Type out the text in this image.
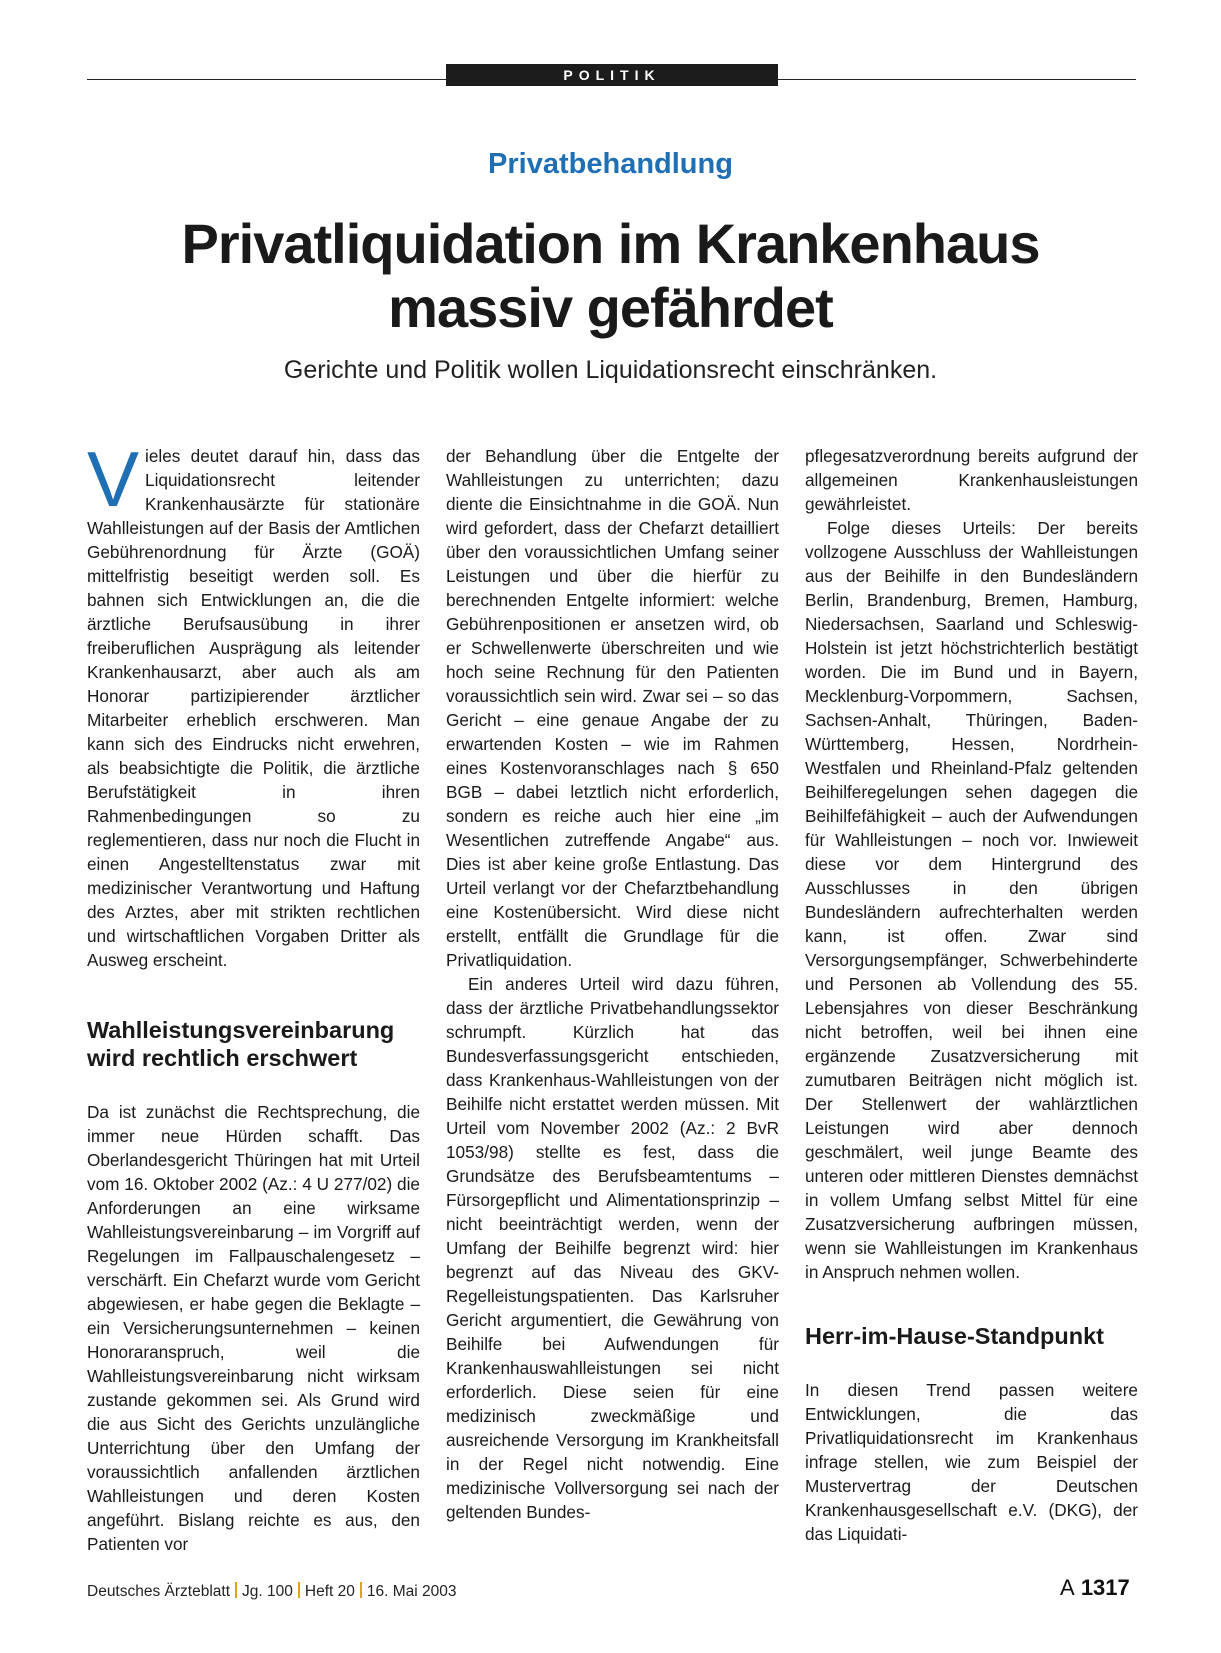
POLITIK
Privatbehandlung
Privatliquidation im Krankenhaus
massiv gefährdet
Gerichte und Politik wollen Liquidationsrecht einschränken.

Vieles deutet darauf hin, dass das Liquidationsrecht leitender Krankenhausärzte für stationäre Wahlleistungen auf der Basis der Amtlichen Gebührenordnung für Ärzte (GOÄ) mittelfristig beseitigt werden soll. Es bahnen sich Entwicklungen an, die die ärztliche Berufsausübung in ihrer freiberuflichen Ausprägung als leitender Krankenhausarzt, aber auch als am Honorar partizipierender ärztlicher Mitarbeiter erheblich erschweren. Man kann sich des Eindrucks nicht erwehren, als beabsichtigte die Politik, die ärztliche Berufstätigkeit in ihren Rahmenbedingungen so zu reglementieren, dass nur noch die Flucht in einen Angestelltenstatus zwar mit medizinischer Verantwortung und Haftung des Arztes, aber mit strikten rechtlichen und wirtschaftlichen Vorgaben Dritter als Ausweg erscheint.

Wahlleistungsvereinbarung wird rechtlich erschwert

Da ist zunächst die Rechtsprechung, die immer neue Hürden schafft. Das Oberlandesgericht Thüringen hat mit Urteil vom 16. Oktober 2002 (Az.: 4 U 277/02) die Anforderungen an eine wirksame Wahlleistungsvereinbarung – im Vorgriff auf Regelungen im Fallpauschalengesetz – verschärft. Ein Chefarzt wurde vom Gericht abgewiesen, er habe gegen die Beklagte – ein Versicherungsunternehmen – keinen Honoraranspruch, weil die Wahlleistungsvereinbarung nicht wirksam zustande gekommen sei. Als Grund wird die aus Sicht des Gerichts unzulängliche Unterrichtung über den Umfang der voraussichtlich anfallenden ärztlichen Wahlleistungen und deren Kosten angeführt. Bislang reichte es aus, den Patienten vor

der Behandlung über die Entgelte der Wahlleistungen zu unterrichten; dazu diente die Einsichtnahme in die GOÄ. Nun wird gefordert, dass der Chefarzt detailliert über den voraussichtlichen Umfang seiner Leistungen und über die hierfür zu berechnenden Entgelte informiert: welche Gebührenpositionen er ansetzen wird, ob er Schwellenwerte überschreiten und wie hoch seine Rechnung für den Patienten voraussichtlich sein wird. Zwar sei – so das Gericht – eine genaue Angabe der zu erwartenden Kosten – wie im Rahmen eines Kostenvoranschlages nach § 650 BGB – dabei letztlich nicht erforderlich, sondern es reiche auch hier eine „im Wesentlichen zutreffende Angabe“ aus. Dies ist aber keine große Entlastung. Das Urteil verlangt vor der Chefarztbehandlung eine Kostenübersicht. Wird diese nicht erstellt, entfällt die Grundlage für die Privatliquidation.

Ein anderes Urteil wird dazu führen, dass der ärztliche Privatbehandlungssektor schrumpft. Kürzlich hat das Bundesverfassungsgericht entschieden, dass Krankenhaus-Wahlleistungen von der Beihilfe nicht erstattet werden müssen. Mit Urteil vom November 2002 (Az.: 2 BvR 1053/98) stellte es fest, dass die Grundsätze des Berufsbeamtentums – Fürsorgepflicht und Alimentationsprinzip – nicht beeinträchtigt werden, wenn der Umfang der Beihilfe begrenzt wird: hier begrenzt auf das Niveau des GKV-Regelleistungspatienten. Das Karlsruher Gericht argumentiert, die Gewährung von Beihilfe bei Aufwendungen für Krankenhauswahlleistungen sei nicht erforderlich. Diese seien für eine medizinisch zweckmäßige und ausreichende Versorgung im Krankheitsfall in der Regel nicht notwendig. Eine medizinische Vollversorgung sei nach der geltenden Bundes-

pflegesatzverordnung bereits aufgrund der allgemeinen Krankenhausleistungen gewährleistet.

Folge dieses Urteils: Der bereits vollzogene Ausschluss der Wahlleistungen aus der Beihilfe in den Bundesländern Berlin, Brandenburg, Bremen, Hamburg, Niedersachsen, Saarland und Schleswig-Holstein ist jetzt höchstrichterlich bestätigt worden. Die im Bund und in Bayern, Mecklenburg-Vorpommern, Sachsen, Sachsen-Anhalt, Thüringen, Baden-Württemberg, Hessen, Nordrhein-Westfalen und Rheinland-Pfalz geltenden Beihilferegelungen sehen dagegen die Beihilfefähigkeit – auch der Aufwendungen für Wahlleistungen – noch vor. Inwieweit diese vor dem Hintergrund des Ausschlusses in den übrigen Bundesländern aufrechterhalten werden kann, ist offen. Zwar sind Versorgungsempfänger, Schwerbehinderte und Personen ab Vollendung des 55. Lebensjahres von dieser Beschränkung nicht betroffen, weil bei ihnen eine ergänzende Zusatzversicherung mit zumutbaren Beiträgen nicht möglich ist. Der Stellenwert der wahlärztlichen Leistungen wird aber dennoch geschmälert, weil junge Beamte des unteren oder mittleren Dienstes demnächst in vollem Umfang selbst Mittel für eine Zusatzversicherung aufbringen müssen, wenn sie Wahlleistungen im Krankenhaus in Anspruch nehmen wollen.

Herr-im-Hause-Standpunkt

In diesen Trend passen weitere Entwicklungen, die das Privatliquidationsrecht im Krankenhaus infrage stellen, wie zum Beispiel der Mustervertrag der Deutschen Krankenhausgesellschaft e.V. (DKG), der das Liquidati-

Deutsches Ärzteblatt Jg. 100 Heft 20 16. Mai 2003	A 1317
